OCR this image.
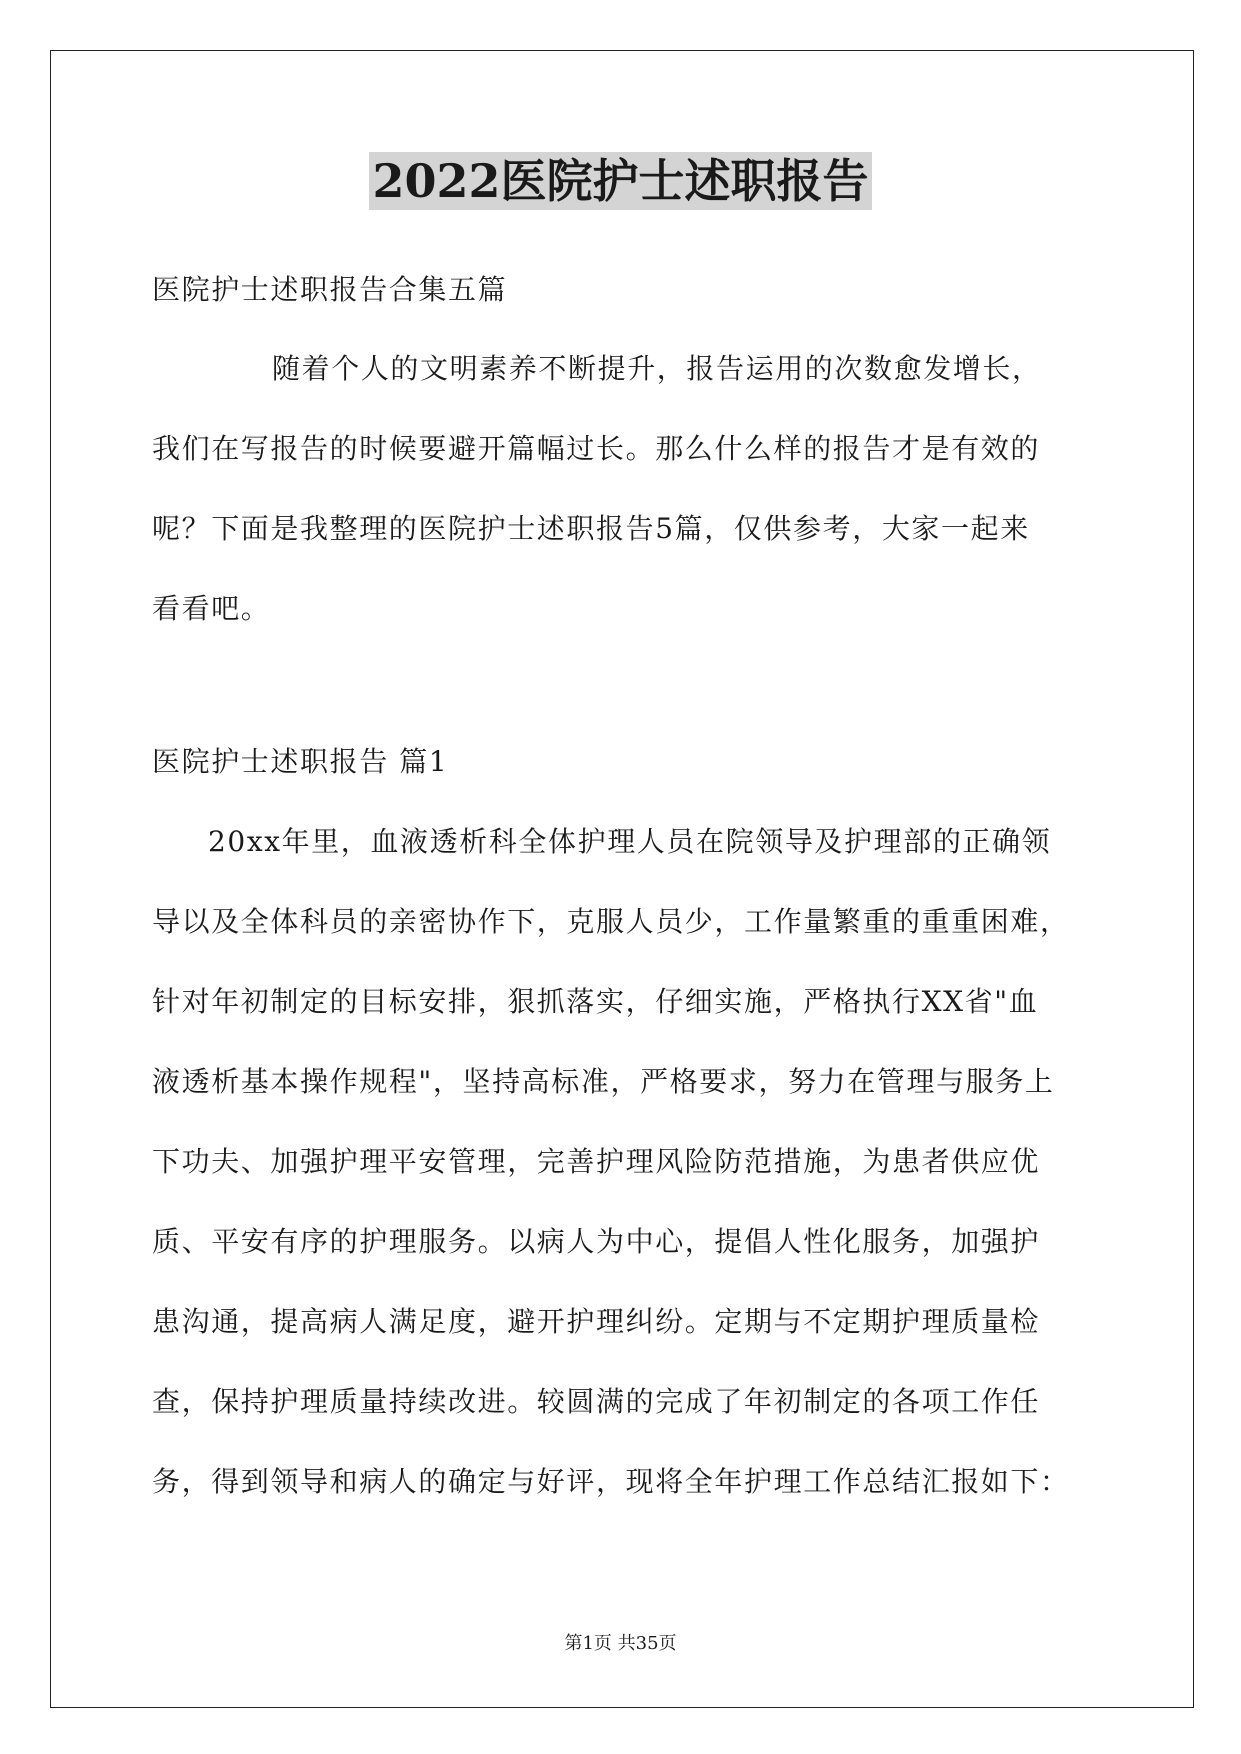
2022医院护士述职报告
医院护士述职报告合集五篇
随着个人的文明素养不断提升，报告运用的次数愈发增长，
我们在写报告的时候要避开篇幅过长。那么什么样的报告才是有效的
呢？下面是我整理的医院护士述职报告5篇，仅供参考，大家一起来
看看吧。
医院护士述职报告 篇1
20xx年里，血液透析科全体护理人员在院领导及护理部的正确领
导以及全体科员的亲密协作下，克服人员少，工作量繁重的重重困难，
针对年初制定的目标安排，狠抓落实，仔细实施，严格执行XX省"血
液透析基本操作规程"，坚持高标准，严格要求，努力在管理与服务上
下功夫、加强护理平安管理，完善护理风险防范措施，为患者供应优
质、平安有序的护理服务。以病人为中心，提倡人性化服务，加强护
患沟通，提高病人满足度，避开护理纠纷。定期与不定期护理质量检
查，保持护理质量持续改进。较圆满的完成了年初制定的各项工作任
务，得到领导和病人的确定与好评，现将全年护理工作总结汇报如下：
第1页 共35页
